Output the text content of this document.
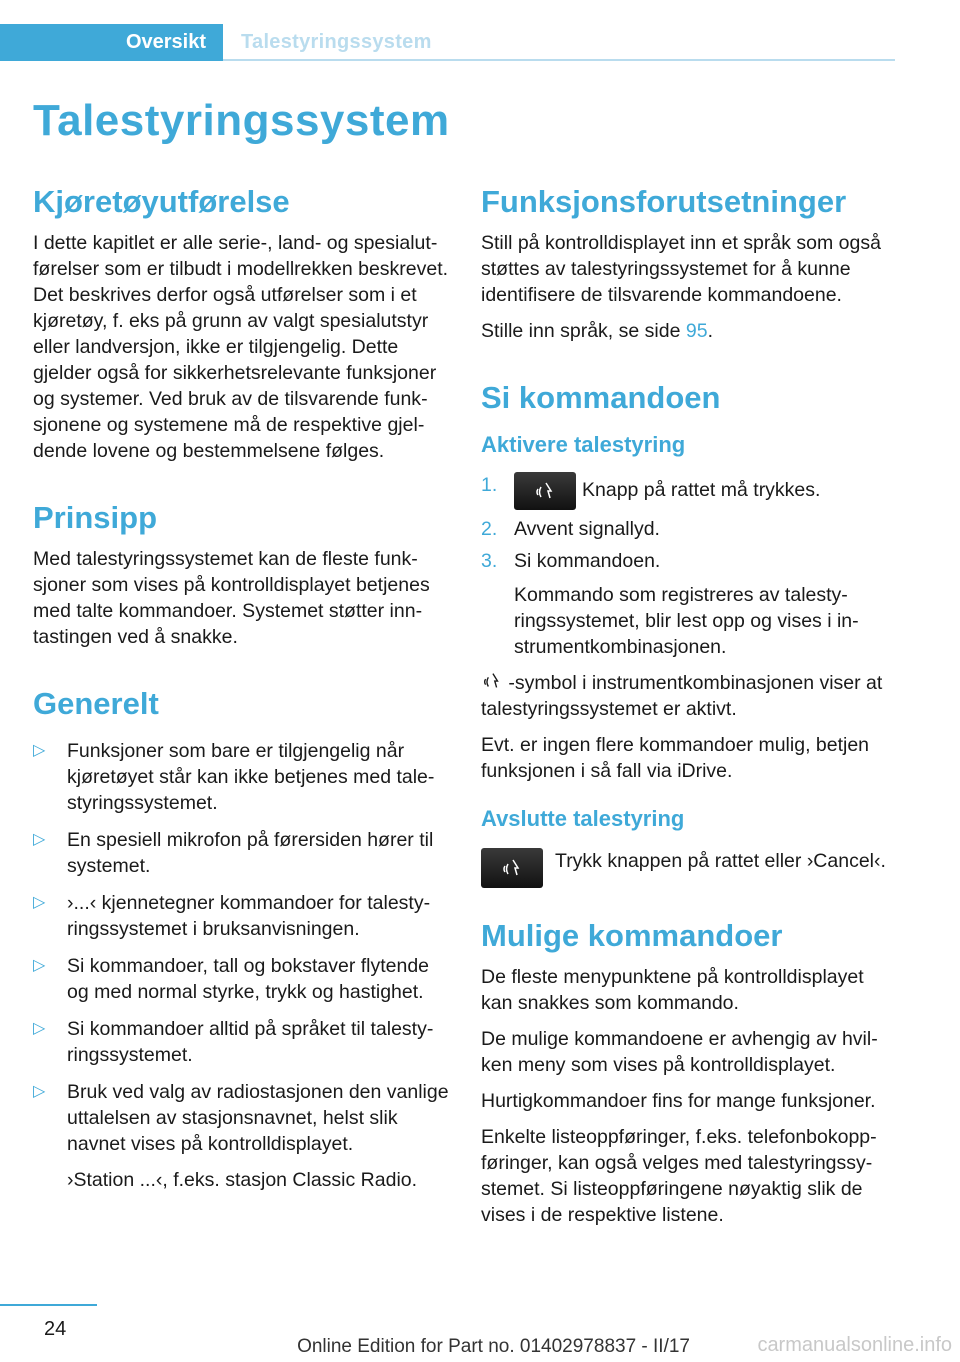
Oversikt	Talestyringssystem
Talestyringssystem
Kjøretøyutførelse

I dette kapitlet er alle serie-, land- og spesialutførelser som er tilbudt i modellrekken beskrevet. Det beskrives derfor også utførelser som i et kjøretøy, f. eks på grunn av valgt spesialutstyr eller landversjon, ikke er tilgjengelig. Dette gjelder også for sikkerhetsrelevante funksjoner og systemer. Ved bruk av de tilsvarende funksjonene og systemene må de respektive gjeldende lovene og bestemmelsene følges.

Prinsipp

Med talestyringssystemet kan de fleste funksjoner som vises på kontrolldisplayet betjenes med talte kommandoer. Systemet støtter inntastingen ved å snakke.

Generelt
▷ Funksjoner som bare er tilgjengelig når kjøretøyet står kan ikke betjenes med talestyringssystemet.
▷ En spesiell mikrofon på førersiden hører til systemet.
▷ ›...‹ kjennetegner kommandoer for talestyringssystemet i bruksanvisningen.
▷ Si kommandoer, tall og bokstaver flytende og med normal styrke, trykk og hastighet.
▷ Si kommandoer alltid på språket til talestyringssystemet.
▷ Bruk ved valg av radiostasjonen den vanlige uttalelsen av stasjonsnavnet, helst slik navnet vises på kontrolldisplayet.
›Station ...‹, f.eks. stasjon Classic Radio.
Funksjonsforutsetninger

Still på kontrolldisplayet inn et språk som også støttes av talestyringssystemet for å kunne identifisere de tilsvarende kommandoene.

Stille inn språk, se side 95.

Si kommandoen
Aktivere talestyring
1.	Knapp på rattet må trykkes.
2. Avvent signallyd.
3. Si kommandoen.
Kommando som registreres av talestyringssystemet, blir lest opp og vises i instrumentkombinasjonen.

-symbol i instrumentkombinasjonen viser at talestyringssystemet er aktivt.

Evt. er ingen flere kommandoer mulig, betjen funksjonen i så fall via iDrive.

Avslutte talestyring

Trykk knappen på rattet eller ›Cancel‹.

Mulige kommandoer

De fleste menypunktene på kontrolldisplayet kan snakkes som kommando.

De mulige kommandoene er avhengig av hvilken meny som vises på kontrolldisplayet.

Hurtigkommandoer fins for mange funksjoner.

Enkelte listeoppføringer, f.eks. telefonbokoppføringer, kan også velges med talestyringssystemet. Si listeoppføringene nøyaktig slik de vises i de respektive listene.

24
Online Edition for Part no. 01402978837 - II/17	carmanualsonline.info
